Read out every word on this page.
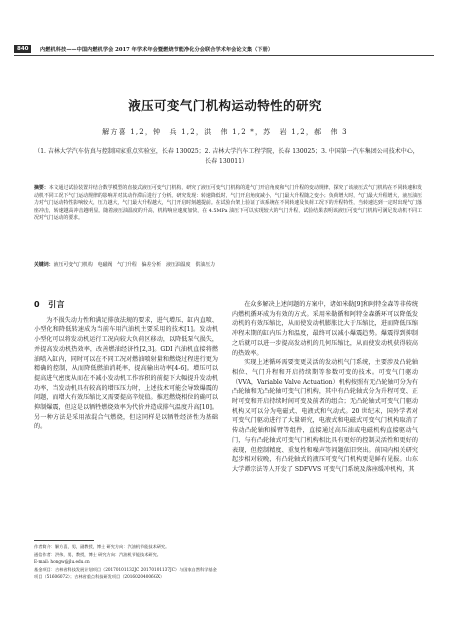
840	内燃机科技——中国内燃机学会 2017 年学术年会暨燃烧节能净化分会联合学术年会论文集（下册）
液压可变气门机构运动特性的研究
解方喜 1,2，钟　兵 1,2，洪　伟 1,2 *，苏　岩 1,2，郝　伟 3
（1. 吉林大学汽车仿真与控制国家重点实验室，长春 130025；2. 吉林大学汽车工程学院，长春 130025；3. 中国第一汽车集团公司技术中心，长春 130011）
摘要：本文通过试验装置并结合数学模型的直接式液压可变气门机构，研究了液压可变气门机构的进气门开启角度和气门升程的变动规律，探究了该液压式气门机构在不同转速和发动机不同工况下气门运动规律的影响并对其动作滞后进行了分析。研究发现：转速降低时，气门开启角度减小，气门最大升程随之变小；负荷增大时，气门最大升程增大，液压油压力对气门运动特性影响较大，压力越大，气门最大升程越大，气门开启时刻越提前。在试验台架上验证了该系统在不同转速及负荷工况下的升程特性，当转速达到一定时出现气门落座冲击，转速越高冲击越明显。随着液压油温度的升高，机构响应速度加快，在 4.5MPa 油压下可以实现较大的气门升程，试验结果表明该液压可变气门机构可满足发动机不同工况对气门运动的要求。
关键词：液压可变气门机构　电磁阀　气门升程　偏差分析　液压油温度　供油压力
0　引言

为不损失动力性和满足排放法规的要求，进气增压、缸内直喷、小型化和降低转速成为当前车用汽油机主要采用的技术[1]。发动机小型化可以将发动机运行工况向较大负荷区移动，以降低泵气损失，并提高发动机热效率，改善燃油经济性[2,3]。GDI 汽油机直接将燃油喷入缸内，同时可以在不同工况对燃油喷射量和燃烧过程进行更为精确的控制，从而降低燃油消耗率，提高输出功率[4-6]。增压可以提高进气密度从而在不减小发动机工作容积的前提下大幅提升发动机功率，当发动机具有较高的增压压力时，上述技术可能会导致爆震的问题，而增大有效压缩比又需要提高辛烷值。推迟燃烧相位的确可以抑制爆震，但这是以牺牲燃烧效率为代价并造成排气温度升高[10]。另一种方法是采用浓混合气燃烧，但这同样是以牺牲经济性为基础的。

在众多解决上述问题的方案中，诸如米勒[9]和阿特金森等非传统内燃机循环成为有效的方式。采用米勒循和阿特金森循环可以降低发动机的有效压缩比，从而使发动机膨胀比大于压缩比，进而降低压缩冲程末期的缸内压力和温度，最终可以减小爆震趋势。爆震得到抑制之后就可以进一步提高发动机的几何压缩比，从而使发动机获得较高的热效率。

实现上述循环需要变更灵活的发动机气门系统，主要涉及凸轮轴相位、气门升程和开启持续期等参数可变的技术。可变气门驱动（VVA，Variable Valve Actuation）机构按照有无凸轮轴可分为有凸轮轴和无凸轮轴可变气门机构，其中有凸轮轴式分为升程可变、正时可变和开启持续时间可变及前者的组合；无凸轮轴式可变气门驱动机构又可以分为电磁式、电液式和气动式。20 世纪末，国外学者对可变气门驱动进行了大量研究，电液式和电磁式可变气门机构取消了传动凸轮轴和摇臂等组件，直接通过高压油或电磁机构直接驱动气门，与有凸轮轴式可变气门机构相比具有更好的控制灵活性和更好的表现，但控制精度、重复性和噪声等问题依旧突出。前国内相关研究起步相对较晚，有凸轮轴式的液压可变气门机构更是鲜有见报。山东大学谭宗法等人开发了 SDFVVS 可变气门系统及落座缓冲机构，其

作者简介：解方喜，男，副教授，博士 研究方向：汽油机节能技术研究。
通信作者：洪伟，男，教授，博士 研究方向：汽油机节能技术研究。
E-mail: hongw@jlu.edu.cn
基金项目：吉林省科技发展计划项目（20170101132JC 20170101137JC）与国家自然科学基金项目（51606072）；吉林省重点科技研发项目（20160204006GX）
